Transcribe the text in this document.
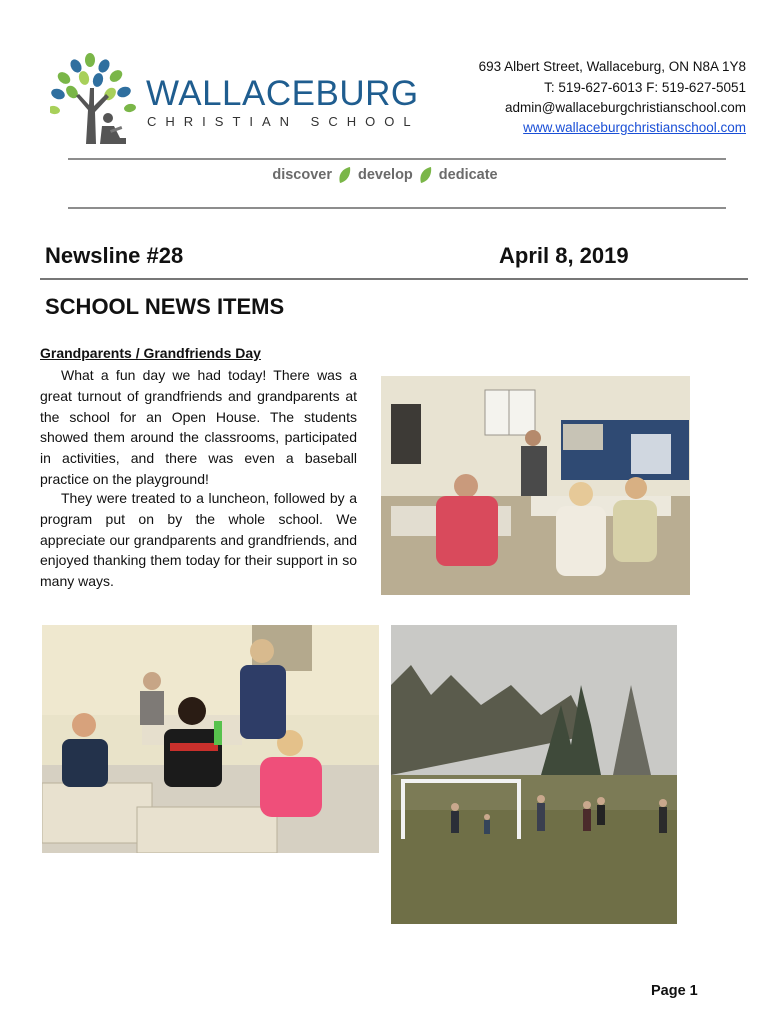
WALLACEBURG
CHRISTIAN SCHOOL
693 Albert Street, Wallaceburg, ON N8A 1Y8
T: 519-627-6013 F: 519-627-5051
admin@wallaceburgchristianschool.com
www.wallaceburgchristianschool.com
discover develop dedicate
Newsline #28	April 8, 2019
SCHOOL NEWS ITEMS
Grandparents / Grandfriends Day
What a fun day we had today! There was a great turnout of grandfriends and grandparents at the school for an Open House. The students showed them around the classrooms, participated in activities, and there was even a baseball practice on the playground!
They were treated to a luncheon, followed by a program put on by the whole school. We appreciate our grandparents and grandfriends, and enjoyed thanking them today for their support in so many ways.
Page 1
